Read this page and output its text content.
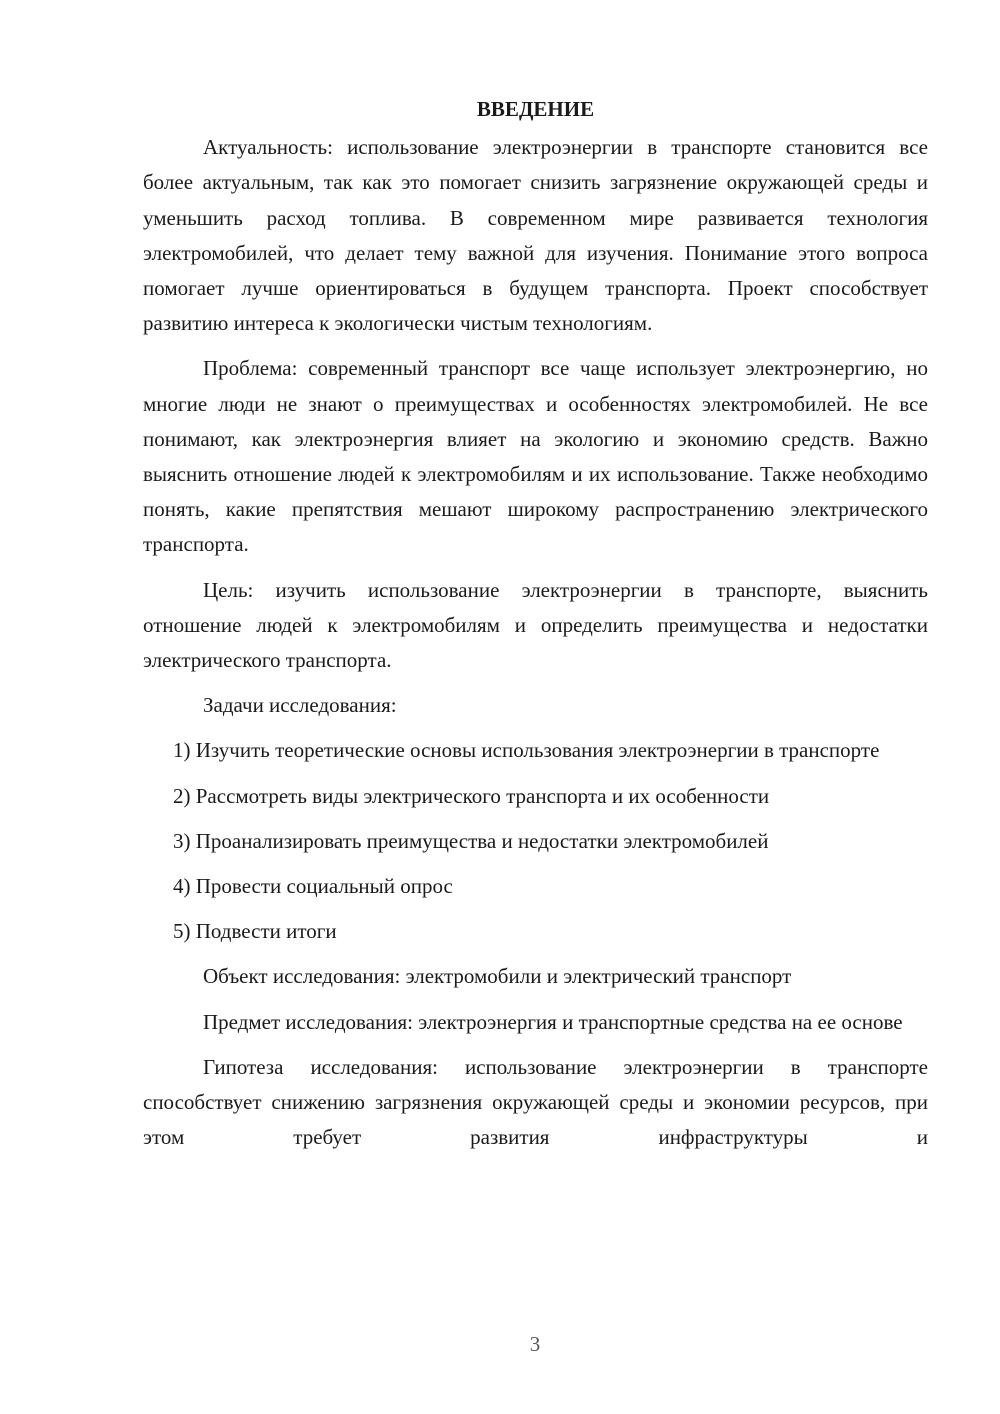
ВВЕДЕНИЕ

Актуальность: использование электроэнергии в транспорте становится все более актуальным, так как это помогает снизить загрязнение окружающей среды и уменьшить расход топлива. В современном мире развивается технология электромобилей, что делает тему важной для изучения. Понимание этого вопроса помогает лучше ориентироваться в будущем транспорта. Проект способствует развитию интереса к экологически чистым технологиям.

Проблема: современный транспорт все чаще использует электроэнергию, но многие люди не знают о преимуществах и особенностях электромобилей. Не все понимают, как электроэнергия влияет на экологию и экономию средств. Важно выяснить отношение людей к электромобилям и их использование. Также необходимо понять, какие препятствия мешают широкому распространению электрического транспорта.

Цель: изучить использование электроэнергии в транспорте, выяснить отношение людей к электромобилям и определить преимущества и недостатки электрического транспорта.

Задачи исследования:

1) Изучить теоретические основы использования электроэнергии в транспорте

2) Рассмотреть виды электрического транспорта и их особенности

3) Проанализировать преимущества и недостатки электромобилей

4) Провести социальный опрос

5) Подвести итоги

Объект исследования: электромобили и электрический транспорт

Предмет исследования: электроэнергия и транспортные средства на ее основе

Гипотеза исследования: использование электроэнергии в транспорте способствует снижению загрязнения окружающей среды и экономии ресурсов, при этом требует развития инфраструктуры и

3
